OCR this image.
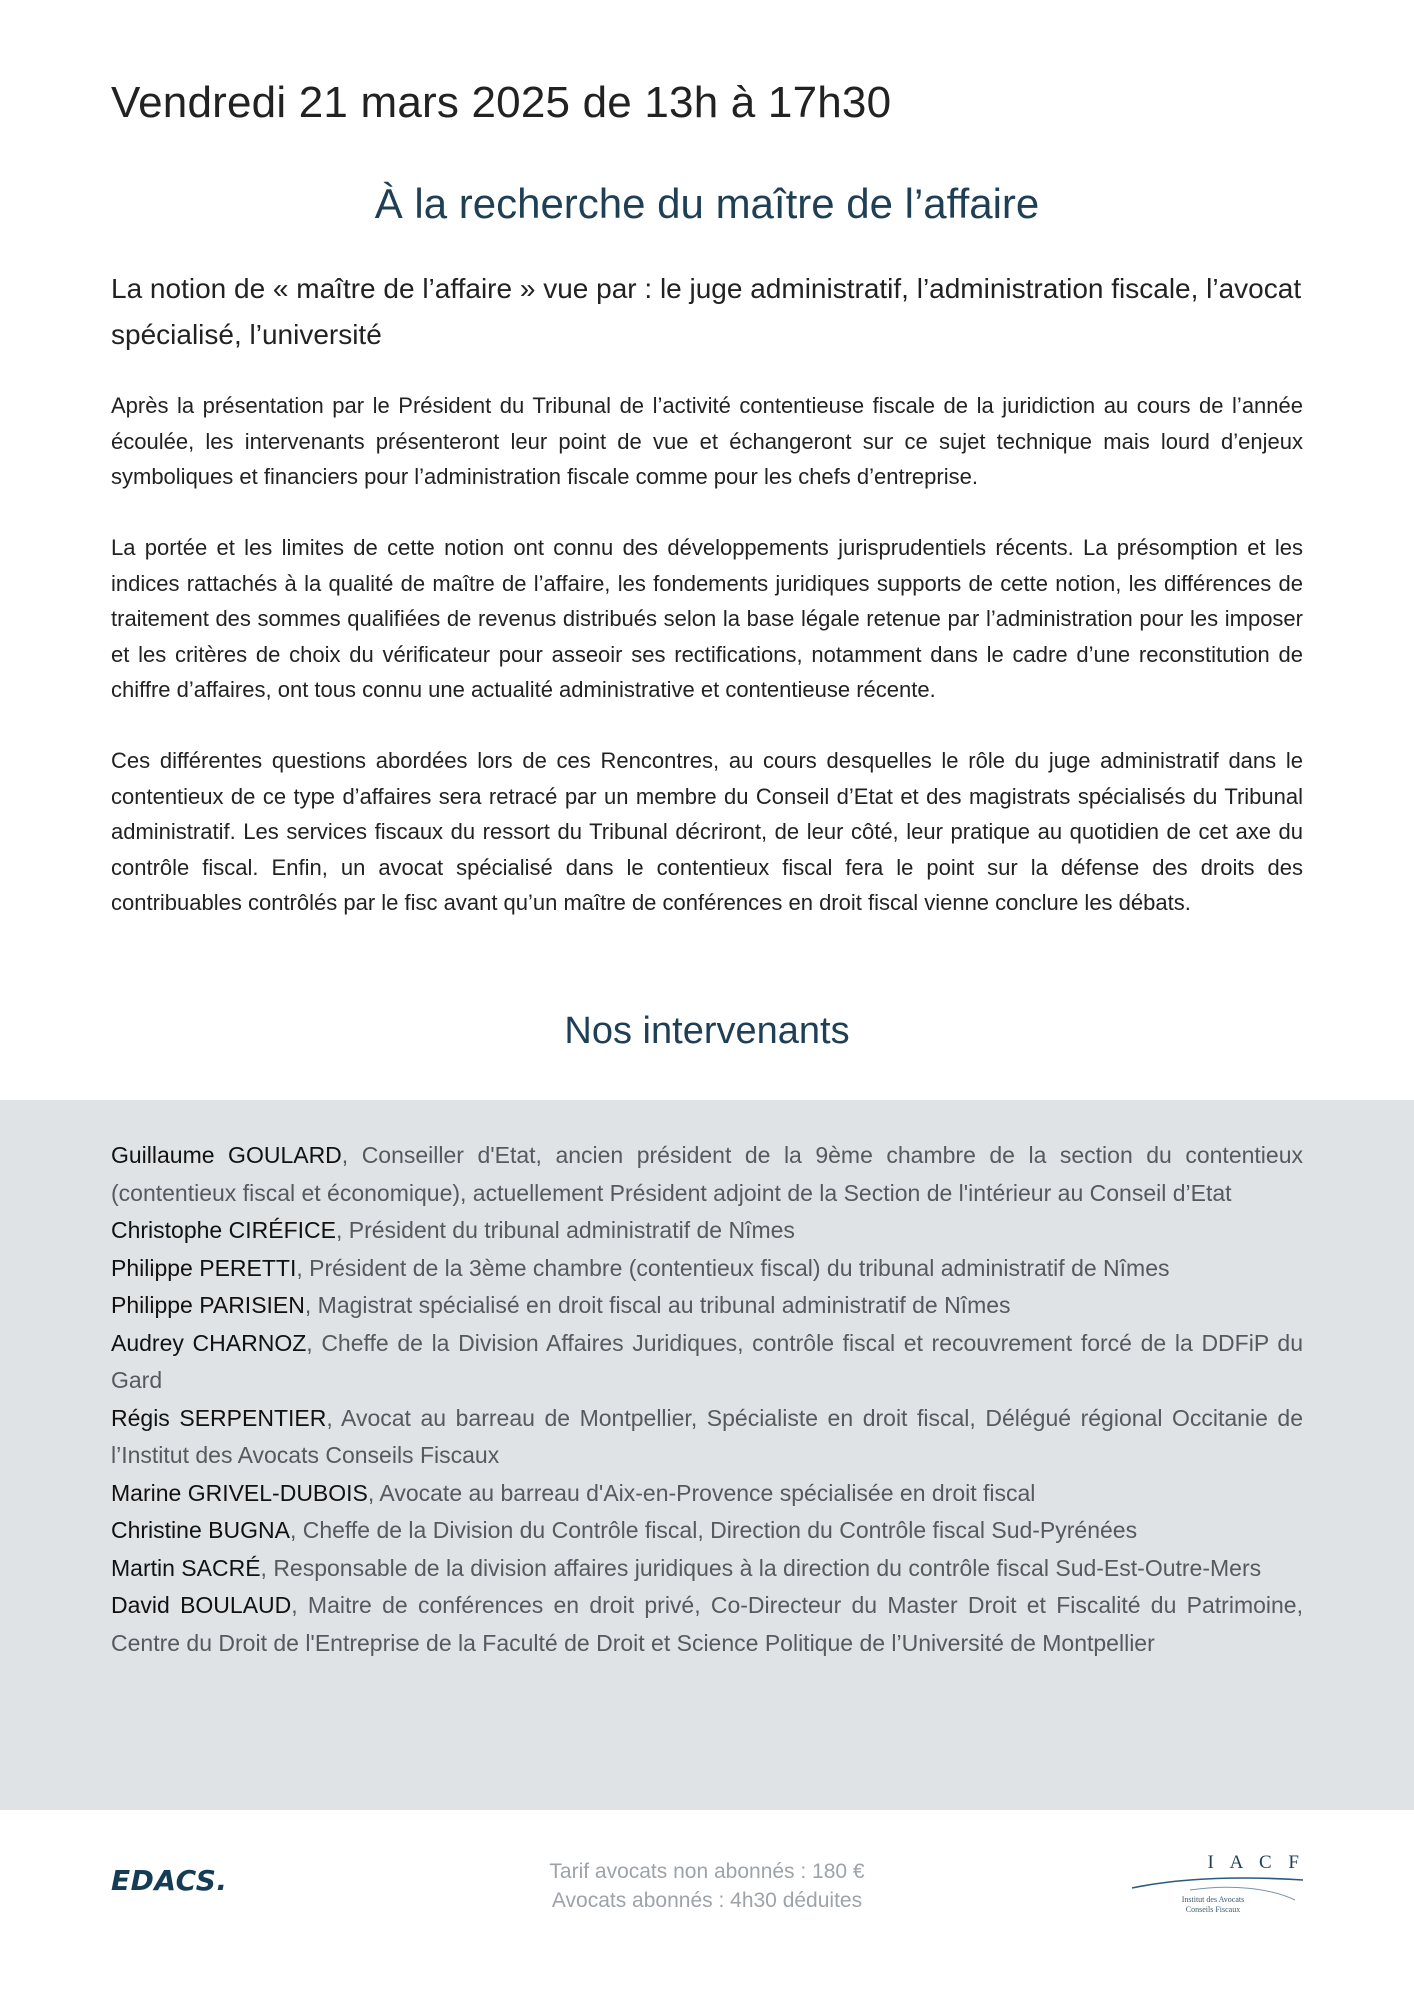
Vendredi 21 mars 2025 de 13h à 17h30
À la recherche du maître de l’affaire

La notion de « maître de l’affaire » vue par : le juge administratif, l’administration fiscale, l’avocat spécialisé, l’université

Après la présentation par le Président du Tribunal de l’activité contentieuse fiscale de la juridiction au cours de l’année écoulée, les intervenants présenteront leur point de vue et échangeront sur ce sujet technique mais lourd d’enjeux symboliques et financiers pour l’administration fiscale comme pour les chefs d’entreprise.

La portée et les limites de cette notion ont connu des développements jurisprudentiels récents. La présomption et les indices rattachés à la qualité de maître de l’affaire, les fondements juridiques supports de cette notion, les différences de traitement des sommes qualifiées de revenus distribués selon la base légale retenue par l’administration pour les imposer et les critères de choix du vérificateur pour asseoir ses rectifications, notamment dans le cadre d’une reconstitution de chiffre d’affaires, ont tous connu une actualité administrative et contentieuse récente.

Ces différentes questions abordées lors de ces Rencontres, au cours desquelles le rôle du juge administratif dans le contentieux de ce type d’affaires sera retracé par un membre du Conseil d’Etat et des magistrats spécialisés du Tribunal administratif. Les services fiscaux du ressort du Tribunal décriront, de leur côté, leur pratique au quotidien de cet axe du contrôle fiscal. Enfin, un avocat spécialisé dans le contentieux fiscal fera le point sur la défense des droits des contribuables contrôlés par le fisc avant qu’un maître de conférences en droit fiscal vienne conclure les débats.

Nos intervenants
Guillaume GOULARD, Conseiller d'Etat, ancien président de la 9ème chambre de la section du contentieux (contentieux fiscal et économique), actuellement Président adjoint de la Section de l'intérieur au Conseil d’Etat
Christophe CIRÉFICE, Président du tribunal administratif de Nîmes
Philippe PERETTI, Président de la 3ème chambre (contentieux fiscal) du tribunal administratif de Nîmes
Philippe PARISIEN, Magistrat spécialisé en droit fiscal au tribunal administratif de Nîmes
Audrey CHARNOZ, Cheffe de la Division Affaires Juridiques, contrôle fiscal et recouvrement forcé de la DDFiP du Gard
Régis SERPENTIER, Avocat au barreau de Montpellier, Spécialiste en droit fiscal, Délégué régional Occitanie de l’Institut des Avocats Conseils Fiscaux
Marine GRIVEL-DUBOIS, Avocate au barreau d'Aix-en-Provence spécialisée en droit fiscal
Christine BUGNA, Cheffe de la Division du Contrôle fiscal, Direction du Contrôle fiscal Sud-Pyrénées
Martin SACRÉ, Responsable de la division affaires juridiques à la direction du contrôle fiscal Sud-Est-Outre-Mers
David BOULAUD, Maitre de conférences en droit privé, Co-Directeur du Master Droit et Fiscalité du Patrimoine, Centre du Droit de l'Entreprise de la Faculté de Droit et Science Politique de l’Université de Montpellier
EDACS.	Tarif avocats non abonnés : 180 €
Avocats abonnés : 4h30 déduites
I A C F
Institut des Avocats
Conseils Fiscaux
